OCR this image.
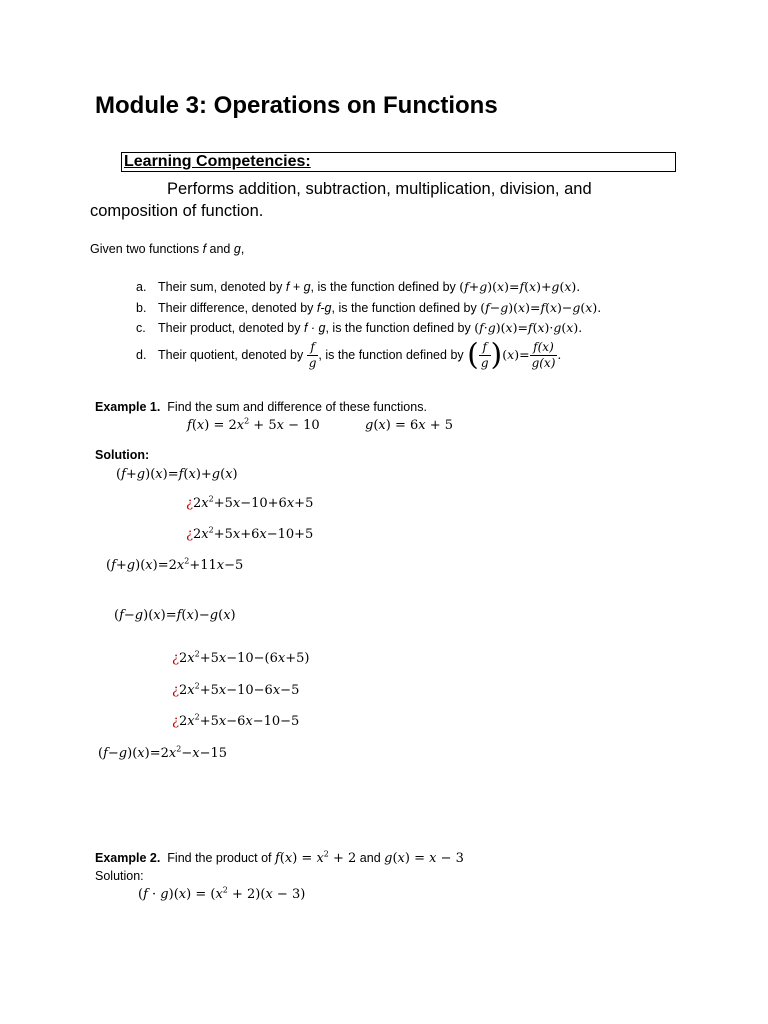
Module 3: Operations on Functions
Learning Competencies:
Performs addition, subtraction, multiplication, division, and
composition of function.
Given two functions f and g,
a. Their sum, denoted by f + g, is the function defined by (f+g)(x)=f(x)+g(x).
b. Their difference, denoted by f-g, is the function defined by (f−g)(x)=f(x)−g(x).
c. Their product, denoted by f · g, is the function defined by (f·g)(x)=f(x)·g(x).
d. Their quotient, denoted by $\frac{f}{g}$ , is the function defined by ( $\frac{f}{g} )(x)= \frac{f(x)}{g(x)}$ .
Example 1. Find the sum and difference of these functions.
$f(x) = 2x^2 + 5x - 10$	g(x) = 6x + 5
Solution:
(f+g)(x)=f(x)+g(x)
¿$2x^2+5x-10+6x+5$
¿$2x^2+5x+6x-10+5$
$(f+g)(x)=2x^2+11x-5$
(f−g)(x)=f(x)−g(x)
¿$2x^2+5x-10-(6x+5)$
¿$2x^2+5x-10-6x-5$
¿$2x^2+5x-6x-10-5$
$(f-g)(x)=2x^2-x-15$
Example 2. Find the product of $f(x) = x^2 + 2$ and g(x) = x − 3
Solution:
$(f \cdot g)(x) = (x^2 + 2)(x - 3)$
